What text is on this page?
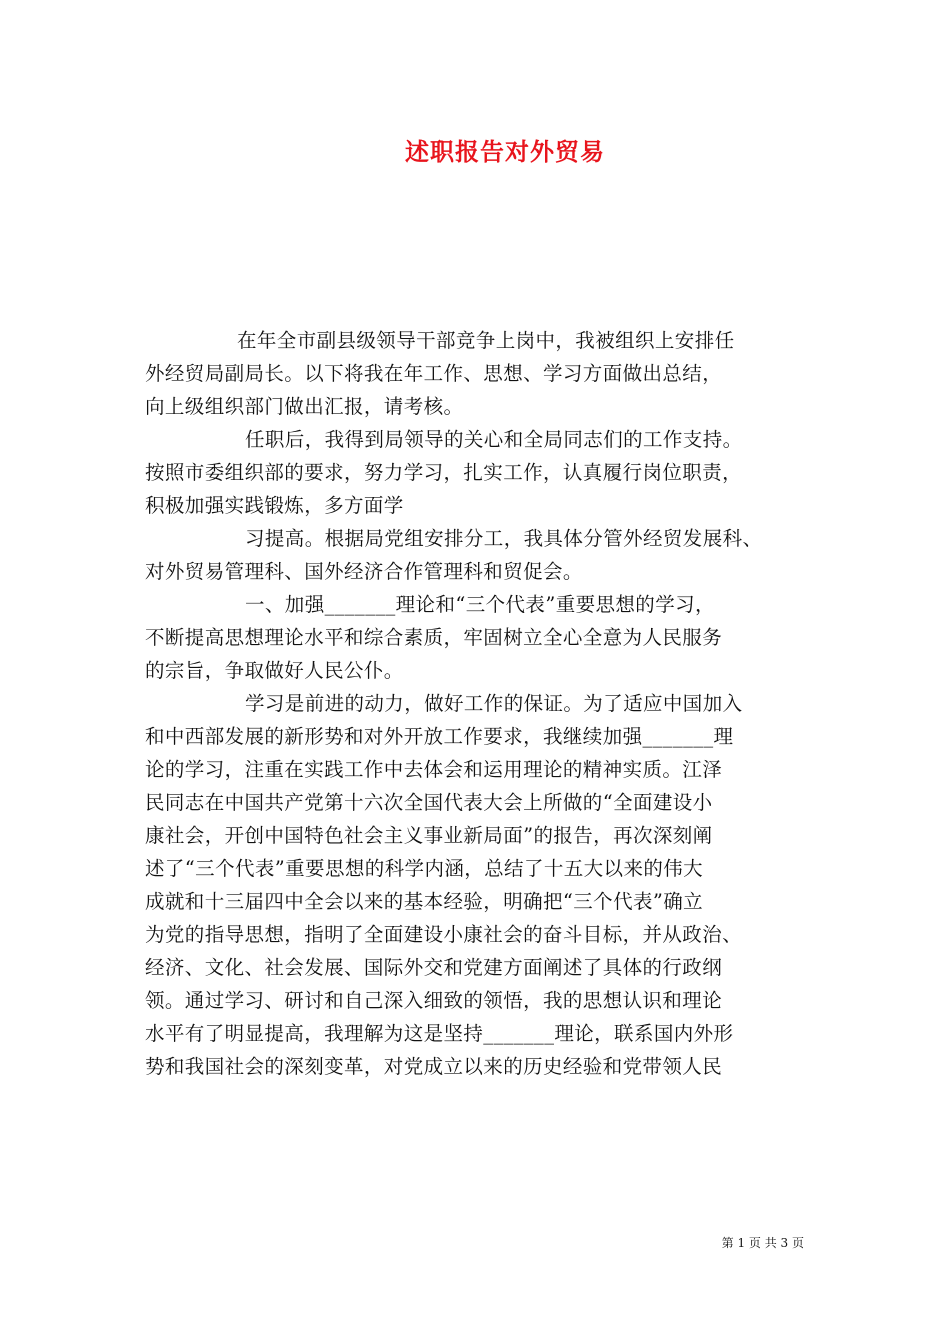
述职报告对外贸易
在年全市副县级领导干部竞争上岗中，我被组织上安排任
外经贸局副局长。以下将我在年工作、思想、学习方面做出总结，
向上级组织部门做出汇报，请考核。
任职后，我得到局领导的关心和全局同志们的工作支持。
按照市委组织部的要求，努力学习，扎实工作，认真履行岗位职责，
积极加强实践锻炼，多方面学
习提高。根据局党组安排分工，我具体分管外经贸发展科、
对外贸易管理科、国外经济合作管理科和贸促会。
一、加强_______理论和“三个代表”重要思想的学习，
不断提高思想理论水平和综合素质，牢固树立全心全意为人民服务
的宗旨，争取做好人民公仆。
学习是前进的动力，做好工作的保证。为了适应中国加入
和中西部发展的新形势和对外开放工作要求，我继续加强_______理
论的学习，注重在实践工作中去体会和运用理论的精神实质。江泽
民同志在中国共产党第十六次全国代表大会上所做的“全面建设小
康社会，开创中国特色社会主义事业新局面”的报告，再次深刻阐
述了“三个代表”重要思想的科学内涵，总结了十五大以来的伟大
成就和十三届四中全会以来的基本经验，明确把“三个代表”确立
为党的指导思想，指明了全面建设小康社会的奋斗目标，并从政治、
经济、文化、社会发展、国际外交和党建方面阐述了具体的行政纲
领。通过学习、研讨和自己深入细致的领悟，我的思想认识和理论
水平有了明显提高，我理解为这是坚持_______理论，联系国内外形
势和我国社会的深刻变革，对党成立以来的历史经验和党带领人民
第 1 页 共 3 页
